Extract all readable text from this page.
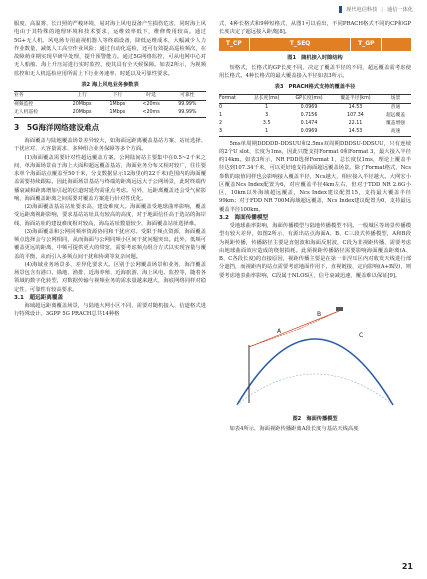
现代电信科技 | 通信一体化

服度、高温雾、长日照的严峻环境，易对海上风电设备产生损伤危害，同时海上风电由于其特殊的地理环境和技术要求，运维效率低下，维修费用较高。通过5G+无人机、风电场专用前视机器人等终端设备，降低运维成本，大幅减少人力作业数量，减低人工高空作业风险；通过自动化巡检，还可有效提高巡检频次，在故障萌芽期实现早研早处理，提升预警能力。通过5G网络监控，可从电网中心对无人船舶、海上升压站进行实时监控，使其具有全天候保障。如表2所示，为视频监控和无人机巡检应用所需上下行业务速率、时延以及可靠性要求。

表2 海上风电业务参数表
业务	上行	下行	时延	可靠性
视频监控	20Mbps	1Mbps	<20ms	99.99%
无人机巡检	20Mbps	1Mbps	<20ms	99.99%
3　5G海洋网络建设难点

海面覆盖与陆地覆盖场景差异较大，如海面远距离覆盖基站方案、站址选择、干扰应对、大容量需求、多种组合业务保障等多个方面。

(1)海面覆盖需要针对性超远覆盖方案。公网陆间站主要集中在0.5~2千米之间，单海面场景由于海上大面积超远覆盖基站，海面业务分布又相对较广，往往要求单个海面站点覆盖至50千米，分支数据显示12海里(约22千米)范围内的海面覆盖需要持续跟踪。因此海面场景基站与终端的距离远远大于公网场景，此时终端传播衰减和距离增加引起的信道时延均需重点考虑。另外，远距离覆盖还会受气候影响，海面覆盖距离之间需要对覆盖方案进行针对性优化。

(2)海面覆盖基站站址要求高，建设难度大。海面覆盖受地球曲率影响，覆盖受远距离视距影响，要求基站站址具有较高的高度，对于地面信任高于选站的海岸线，海面站址的建设难度相对较高，海岛站址数量较少，海面覆盖站址选择难。

(3)海面覆盖和公网同频率资源协同和干扰应对。受限于频点资源，海面覆盖频点选择会与公网相同，从而海面与公网同频小区间干扰问题突出。此外，低频可覆盖更远的距离，中频可提供更大的带宽，需要考虑频点组合方式以实现容量与覆盖的平衡，从而引入多频点间干扰和协调等复杂问题。

(4)海域业务场景多，差异化要求大。区别于公网覆盖场景和业务，海洋覆盖场景包含有港口、锚地、渔排、近海养殖、近海旅游、海上风电、监控等，随着各领域的数字化转型，对数据传输与视频业务的需求量越来越大，海底网络同样对稳定性、可靠性有较高要求。

3.1　超远距离覆盖

海域超远距离覆盖场景，与陆地大网小区不同，需要对随机接入、信道格式进行特殊设计。3GPP 5G PRACH总共14种格

式，4种长格式和9种短格式，从图1可以看出，不同PRACH格式不同的CP和GP长度决定了超远接入距离[8]。

T_CP	T_SEQ	T_GP
图1　随机接入时隙结构

短格式，长格式的GP长度不同，决定了覆盖半径的不同，超远覆盖需考虑使用长格式。4种长格式的最大覆盖接入半径如表3所示。

表3　PRACH格式支持的覆盖半径
Format	总长度(ms)	GP长度(ms)	覆盖半径(km)	场景
0	1	0.0969	14.53	普通
1	3	0.7156	107.34	超远覆盖
2	3.5	0.1474	22.11	覆盖增强
3	1	0.0969	14.53	高速

5ms单周期DDDDD-DDSUU和2.5ms双周期DDDSU-DDSUU，只有连续的2个U slot，长度为1ms，因此只能支持Format 0和Format 3，最大接入半径约14km。如表3所示，NR FDD选择Format 1，总长度仅1ms，理论上覆盖半径达到107.34千米，可以更好地支持海面超远覆盖场景。除了Format格式，Ncs参数的取值同样也会影响接入覆盖半径，Ncs越大，相应接入半径越大。大网宏小区覆盖Ncs Index配置为6，对应覆盖半径4km左右，但对于TDD NR 2.6G小区，10km以外海域超远覆盖，Ncs Index建议配置15，支持最大覆盖半径99km；对于FDD NR 700M海域超远覆盖，Ncs Index建议配置为0，支持最远覆盖半径100km。

3.2　海面传播模型

受地球曲率影响，海面传播模型与陆地传播模型不同。一般城区等场景传播模型有较大差异，如图2所示，有源出站点海面A、B、C三段式传播模型，A和B段为视距传播，传播路径主要是直射波和海面反射波，C段为非视距传播，需要考虑由地球曲面效应造成的绕射损耗。此须视距传播路径需要影响海面覆盖距离(A、B、C各段长度)的直接原因，视距传播主要是在第一菲涅耳区内对收发天线进行部分遮挡，而视距内的站点需要考虑地面作用下，直视链接，定向影响(A+B段)，则要考虑地表曲率影响，C段属于NLOS区，信号衰减迅速，覆盖难以保证[9]。

A
B
C
图2　海面传播模型

如表4所示，海面视距传播距离A段长度与基站天线高度

21
